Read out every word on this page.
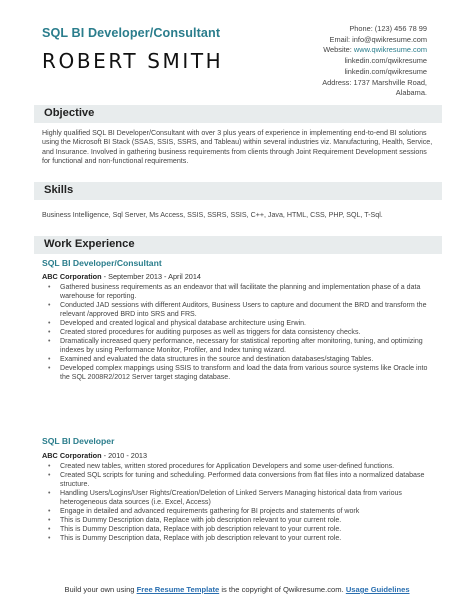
SQL BI Developer/Consultant
ROBERT SMITH
Phone: (123) 456 78 99
Email: info@qwikresume.com
Website: www.qwikresume.com
linkedin.com/qwikresume
linkedin.com/qwikresume
Address: 1737 Marshville Road,
Alabama.
Objective
Highly qualified SQL BI Developer/Consultant with over 3 plus years of experience in implementing end-to-end BI solutions using the Microsoft BI Stack (SSAS, SSIS, SSRS, and Tableau) within several industries viz. Manufacturing, Health, Service, and Insurance. Involved in gathering business requirements from clients through Joint Requirement Development sessions for functional and non-functional requirements.
Skills
Business Intelligence, Sql Server, Ms Access, SSIS, SSRS, SSIS, C++, Java, HTML, CSS, PHP, SQL, T-Sql.
Work Experience
SQL BI Developer/Consultant
ABC Corporation - September 2013 - April 2014
• Gathered business requirements as an endeavor that will facilitate the planning and implementation phase of a data warehouse for reporting.
• Conducted JAD sessions with different Auditors, Business Users to capture and document the BRD and transform the relevant /approved BRD into SRS and FRS.
• Developed and created logical and physical database architecture using Erwin.
• Created stored procedures for auditing purposes as well as triggers for data consistency checks.
• Dramatically increased query performance, necessary for statistical reporting after monitoring, tuning, and optimizing indexes by using Performance Monitor, Profiler, and Index tuning wizard.
• Examined and evaluated the data structures in the source and destination databases/staging Tables.
• Developed complex mappings using SSIS to transform and load the data from various source systems like Oracle into the SQL 2008R2/2012 Server target staging database.
SQL BI Developer
ABC Corporation - 2010 - 2013
• Created new tables, written stored procedures for Application Developers and some user-defined functions.
• Created SQL scripts for tuning and scheduling. Performed data conversions from flat files into a normalized database structure.
• Handling Users/Logins/User Rights/Creation/Deletion of Linked Servers Managing historical data from various heterogeneous data sources (i.e. Excel, Access)
• Engage in detailed and advanced requirements gathering for BI projects and statements of work
• This is Dummy Description data, Replace with job description relevant to your current role.
• This is Dummy Description data, Replace with job description relevant to your current role.
• This is Dummy Description data, Replace with job description relevant to your current role.
Build your own using Free Resume Template is the copyright of Qwikresume.com. Usage Guidelines
